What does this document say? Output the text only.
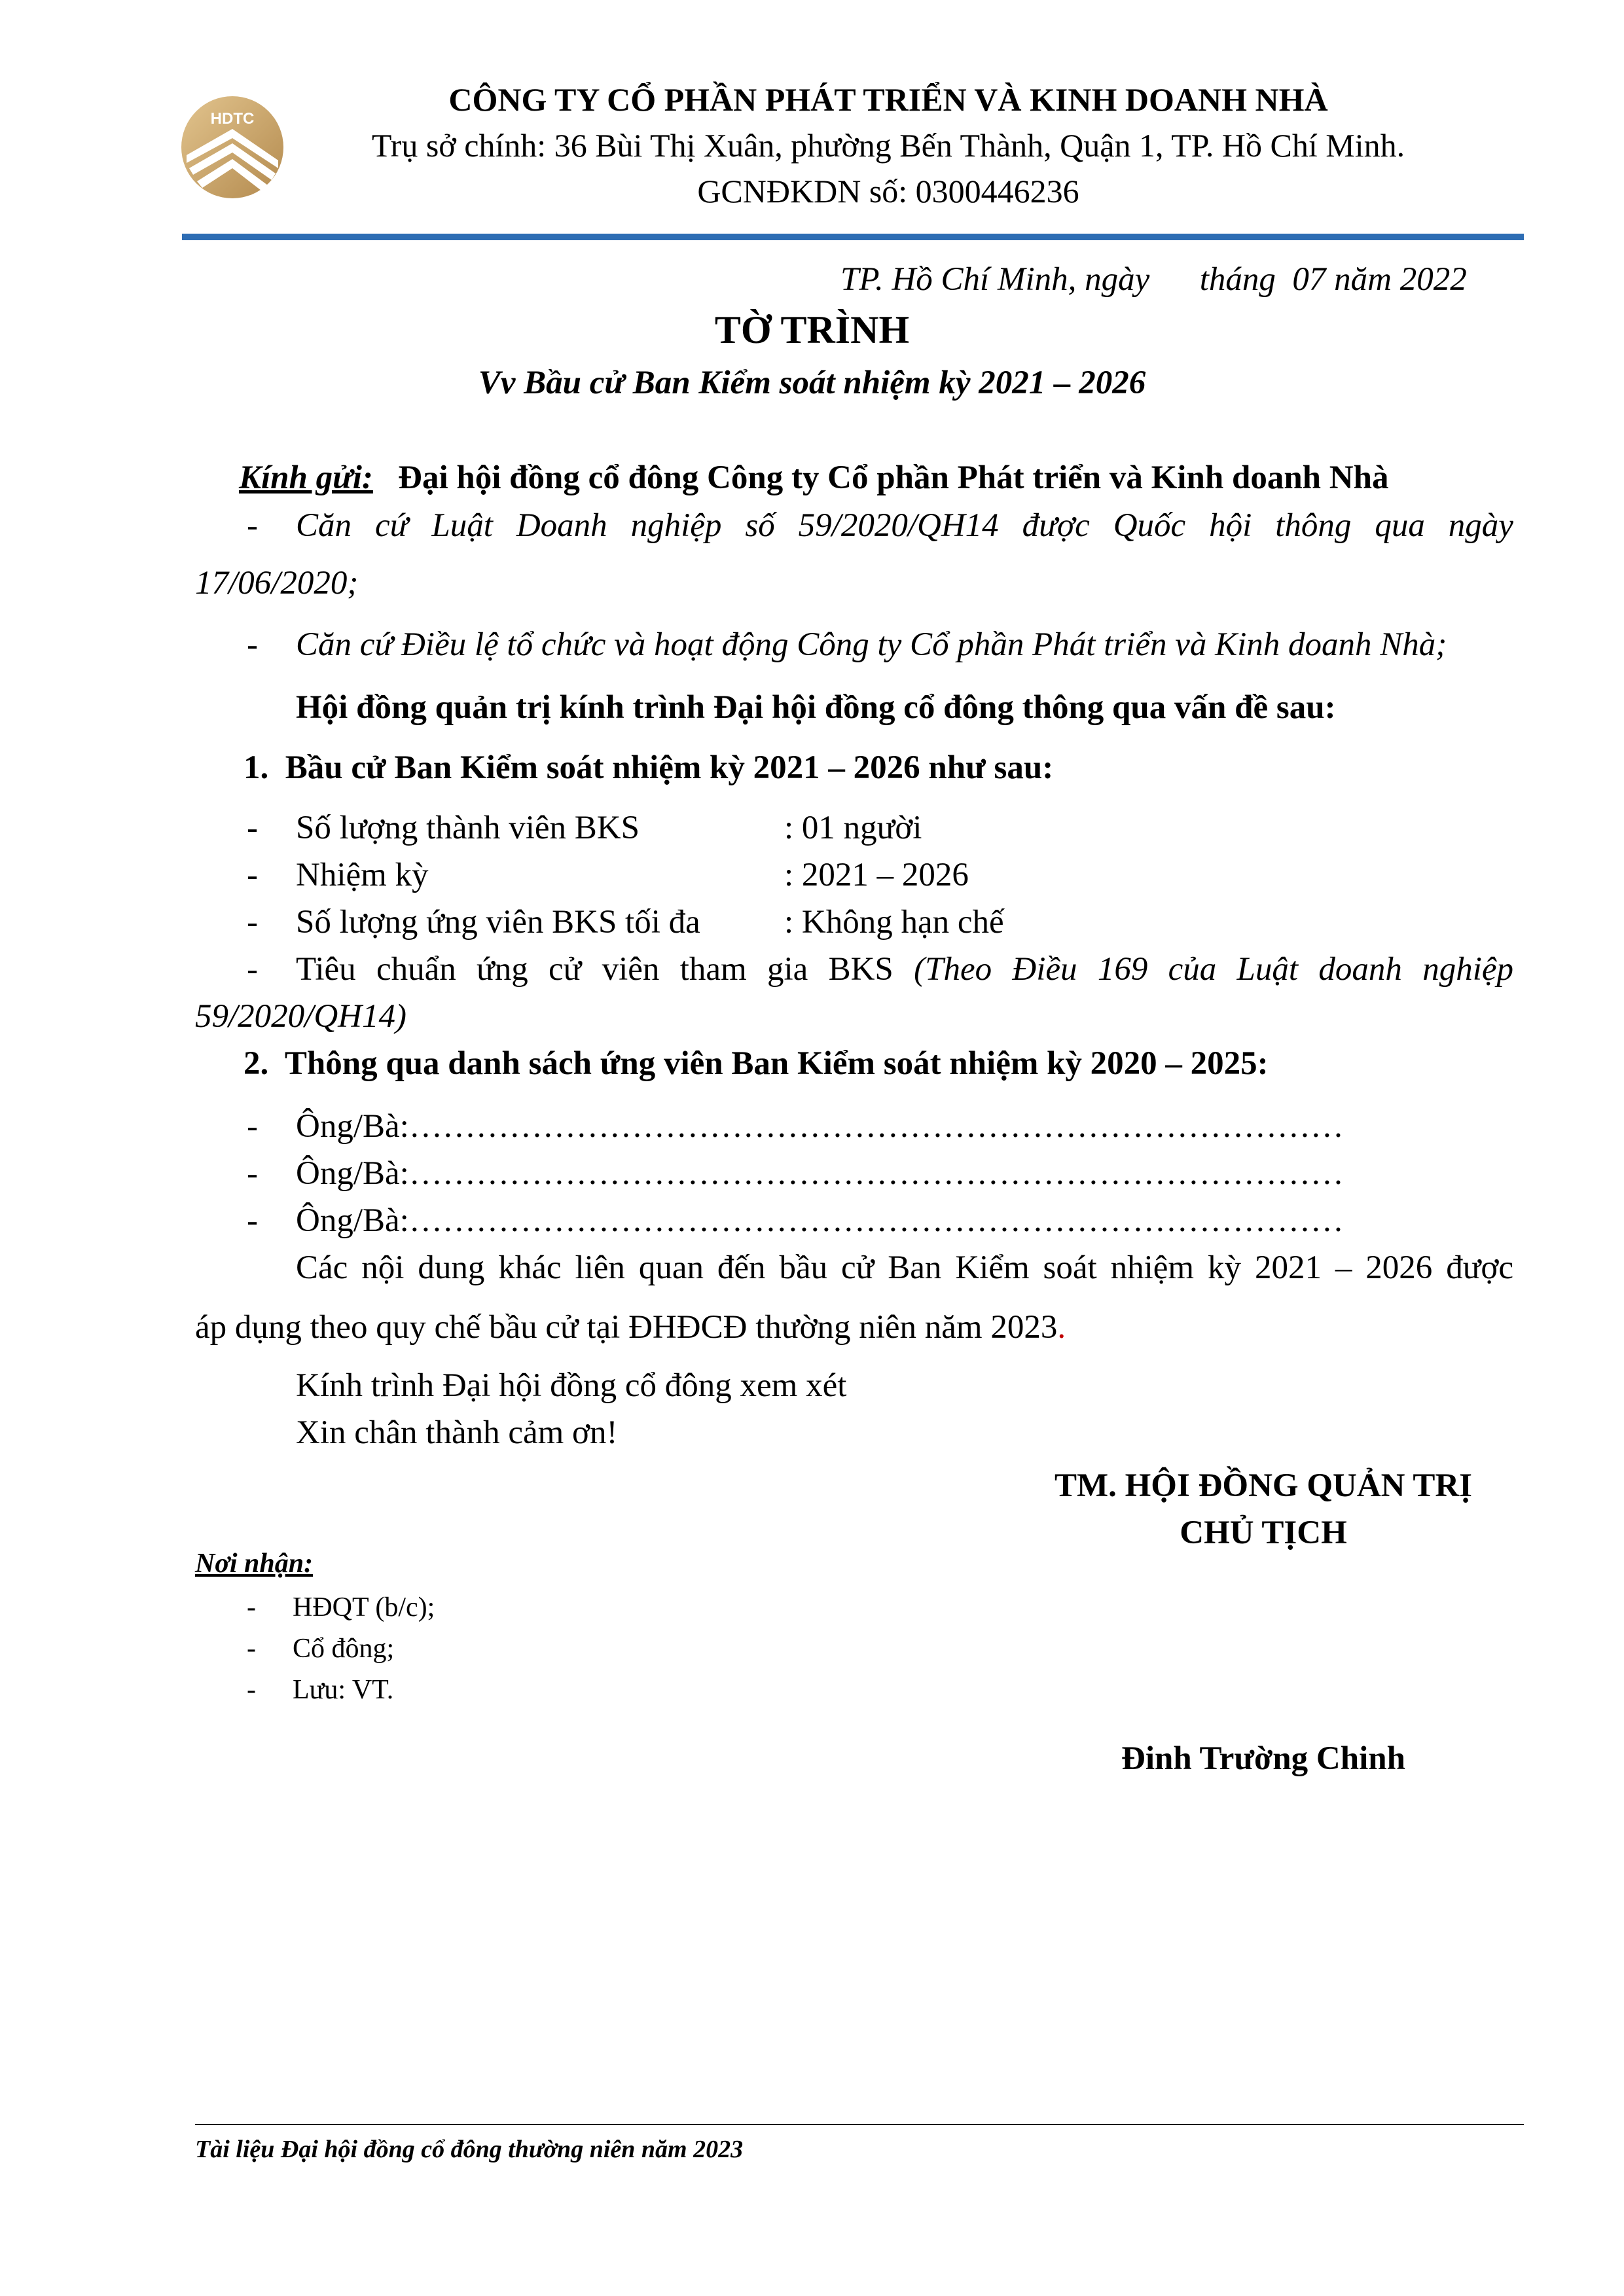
HDTC
CÔNG TY CỔ PHẦN PHÁT TRIỂN VÀ KINH DOANH NHÀ
Trụ sở chính: 36 Bùi Thị Xuân, phường Bến Thành, Quận 1, TP. Hồ Chí Minh.
GCNĐKDN số: 0300446236
TP. Hồ Chí Minh, ngày      tháng  07 năm 2022
TỜ TRÌNH
Vv Bầu cử Ban Kiểm soát nhiệm kỳ 2021 – 2026
Kính gửi: Đại hội đồng cổ đông Công ty Cổ phần Phát triển và Kinh doanh Nhà
- Căn cứ Luật Doanh nghiệp số 59/2020/QH14 được Quốc hội thông qua ngày
17/06/2020;
- Căn cứ Điều lệ tổ chức và hoạt động Công ty Cổ phần Phát triển và Kinh doanh Nhà;
Hội đồng quản trị kính trình Đại hội đồng cổ đông thông qua vấn đề sau:
1.  Bầu cử Ban Kiểm soát nhiệm kỳ 2021 – 2026 như sau:
- Số lượng thành viên BKS	: 01 người
- Nhiệm kỳ	: 2021 – 2026
- Số lượng ứng viên BKS tối đa	: Không hạn chế
- Tiêu chuẩn ứng cử viên tham gia BKS (Theo Điều 169 của Luật doanh nghiệp
59/2020/QH14)
2.  Thông qua danh sách ứng viên Ban Kiểm soát nhiệm kỳ 2020 – 2025:
- Ông/Bà:…………………………………………………………………………
- Ông/Bà:…………………………………………………………………………
- Ông/Bà:…………………………………………………………………………
Các nội dung khác liên quan đến bầu cử Ban Kiểm soát nhiệm kỳ 2021 – 2026 được
áp dụng theo quy chế bầu cử tại ĐHĐCĐ thường niên năm 2023.
Kính trình Đại hội đồng cổ đông xem xét
Xin chân thành cảm ơn!
TM. HỘI ĐỒNG QUẢN TRỊ
CHỦ TỊCH
Đinh Trường Chinh
Nơi nhận:
- HĐQT (b/c);
- Cổ đông;
- Lưu: VT.
Tài liệu Đại hội đồng cổ đông thường niên năm 2023
